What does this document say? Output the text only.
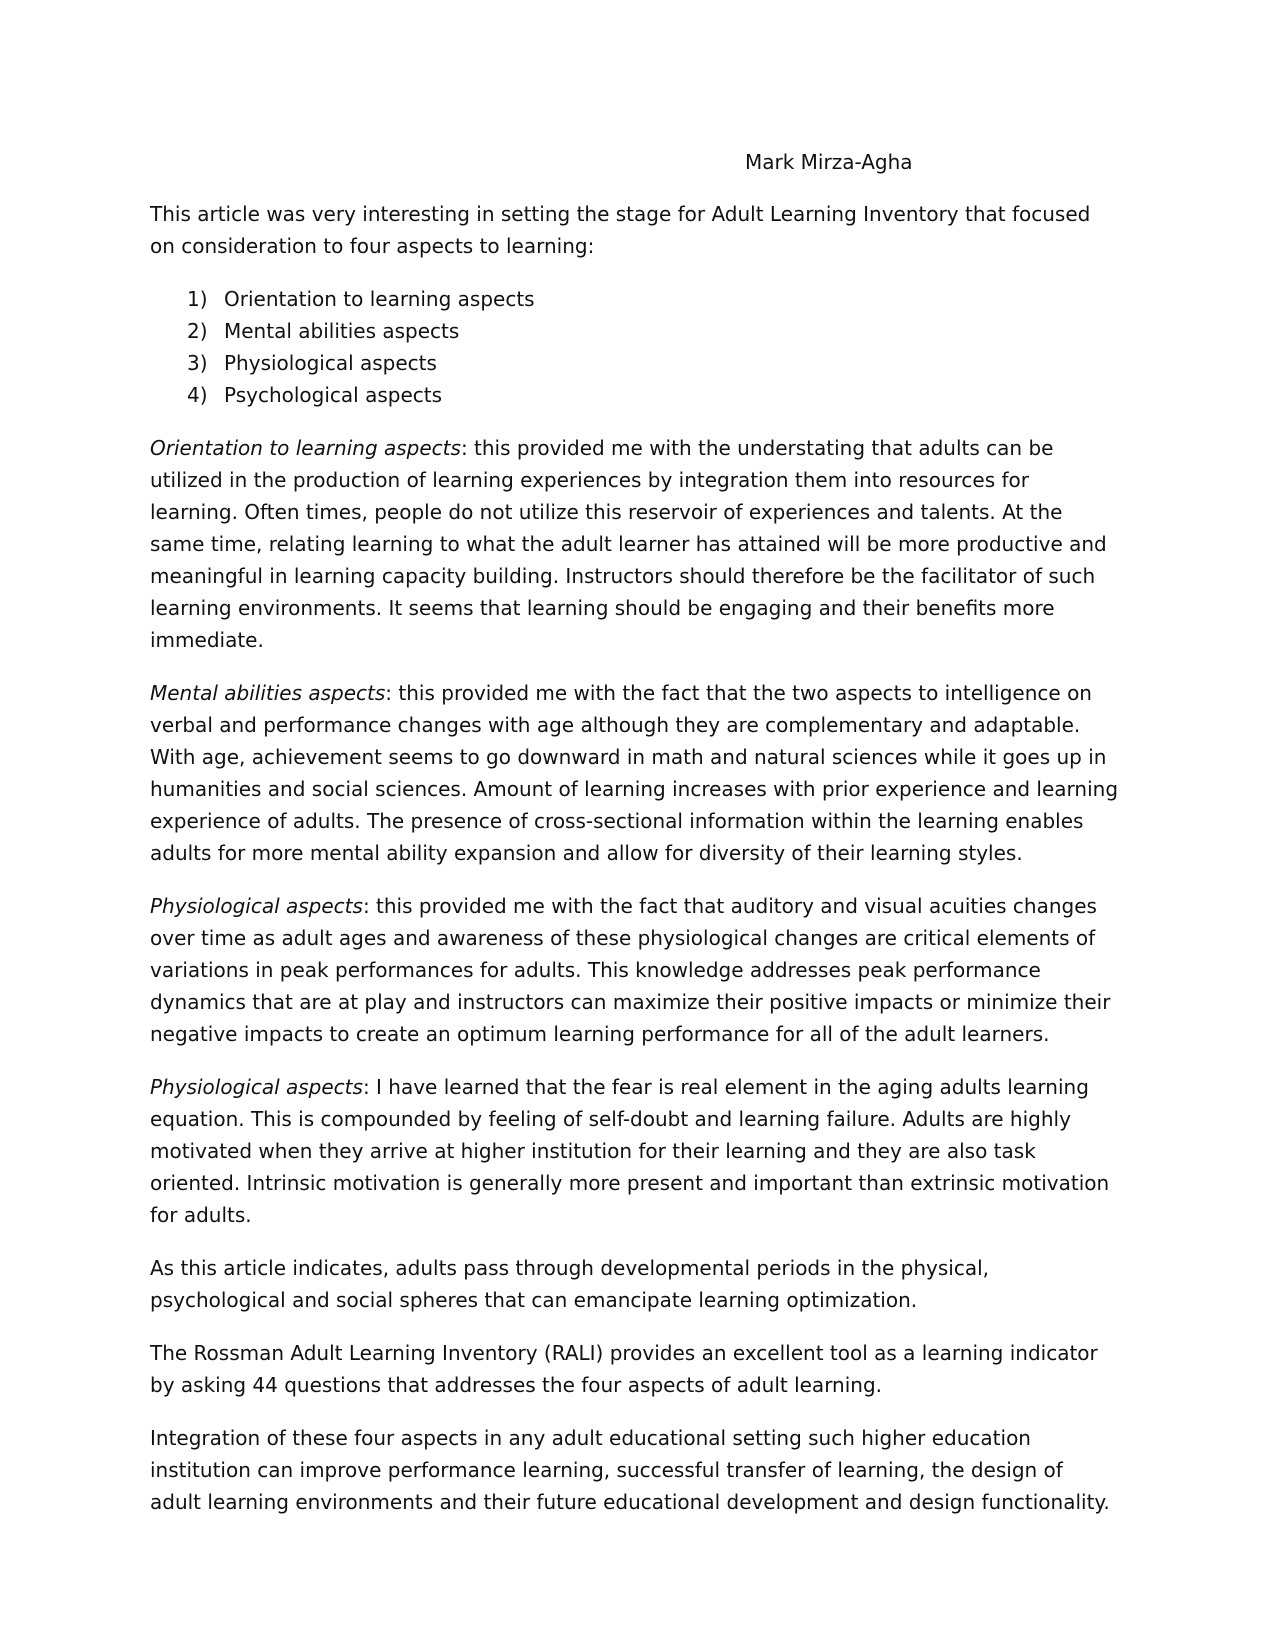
Mark Mirza-Agha

This article was very interesting in setting the stage for Adult Learning Inventory that focused on consideration to four aspects to learning:

1) Orientation to learning aspects
2) Mental abilities aspects
3) Physiological aspects
4) Psychological aspects

Orientation to learning aspects: this provided me with the understating that adults can be utilized in the production of learning experiences by integration them into resources for learning. Often times, people do not utilize this reservoir of experiences and talents. At the same time, relating learning to what the adult learner has attained will be more productive and meaningful in learning capacity building. Instructors should therefore be the facilitator of such learning environments. It seems that learning should be engaging and their benefits more immediate.

Mental abilities aspects: this provided me with the fact that the two aspects to intelligence on verbal and performance changes with age although they are complementary and adaptable. With age, achievement seems to go downward in math and natural sciences while it goes up in humanities and social sciences. Amount of learning increases with prior experience and learning experience of adults. The presence of cross-sectional information within the learning enables adults for more mental ability expansion and allow for diversity of their learning styles.

Physiological aspects: this provided me with the fact that auditory and visual acuities changes over time as adult ages and awareness of these physiological changes are critical elements of variations in peak performances for adults. This knowledge addresses peak performance dynamics that are at play and instructors can maximize their positive impacts or minimize their negative impacts to create an optimum learning performance for all of the adult learners.

Physiological aspects: I have learned that the fear is real element in the aging adults learning equation. This is compounded by feeling of self-doubt and learning failure. Adults are highly motivated when they arrive at higher institution for their learning and they are also task oriented. Intrinsic motivation is generally more present and important than extrinsic motivation for adults.

As this article indicates, adults pass through developmental periods in the physical, psychological and social spheres that can emancipate learning optimization.

The Rossman Adult Learning Inventory (RALI) provides an excellent tool as a learning indicator by asking 44 questions that addresses the four aspects of adult learning.

Integration of these four aspects in any adult educational setting such higher education institution can improve performance learning, successful transfer of learning, the design of adult learning environments and their future educational development and design functionality.
